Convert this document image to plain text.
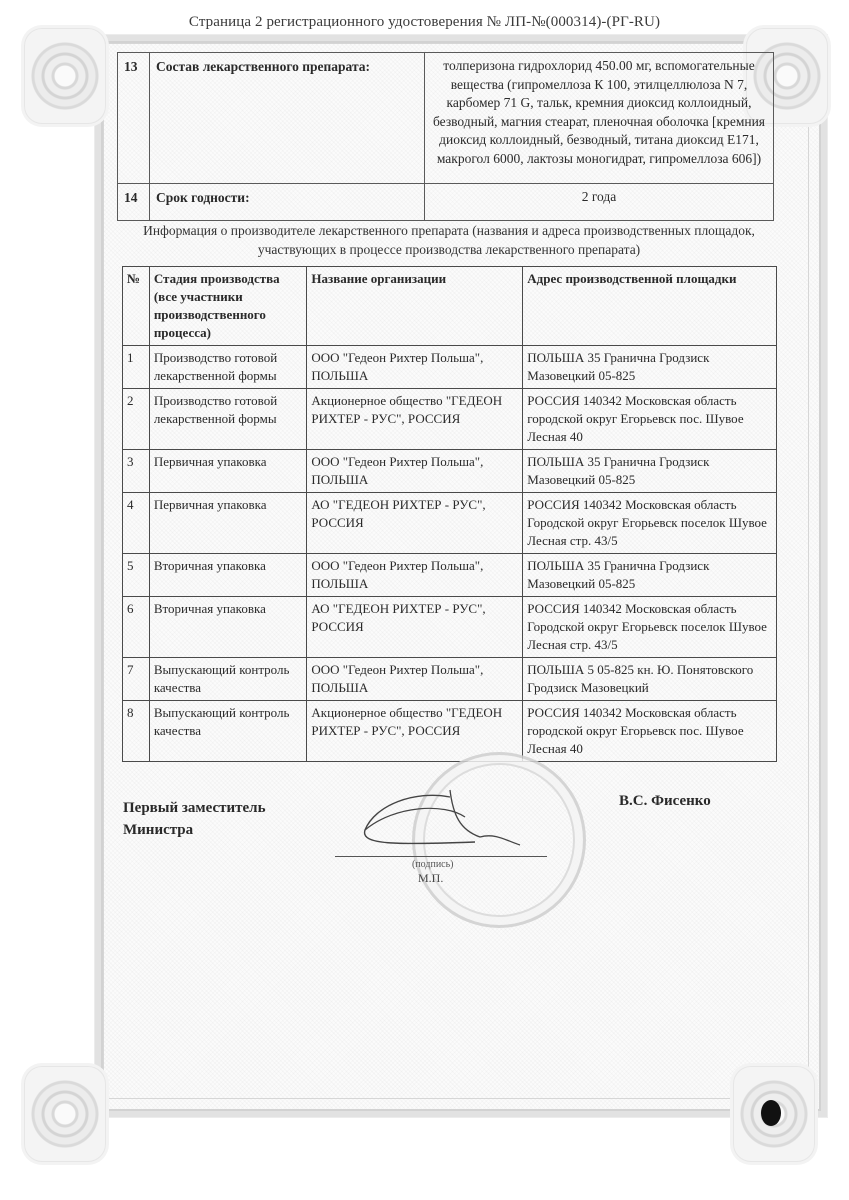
Страница 2 регистрационного удостоверения № ЛП-№(000314)-(РГ-RU)
13	Состав лекарственного препарата:	толперизона гидрохлорид 450.00 мг, вспомогательные вещества (гипромеллоза К 100, этилцеллюлоза N 7, карбомер 71 G, тальк, кремния диоксид коллоидный, безводный, магния стеарат, пленочная оболочка [кремния диоксид коллоидный, безводный, титана диоксид Е171, макрогол 6000, лактозы моногидрат, гипромеллоза 606])
14	Срок годности:	2 года
Информация о производителе лекарственного препарата (названия и адреса производственных площадок, участвующих в процессе производства лекарственного препарата)
№	Стадия производства (все участники производственного процесса)	Название организации	Адрес производственной площадки
1	Производство готовой лекарственной формы	ООО "Гедеон Рихтер Польша", ПОЛЬША	ПОЛЬША 35 Гранична Гродзиск Мазовецкий 05-825
2	Производство готовой лекарственной формы	Акционерное общество "ГЕДЕОН РИХТЕР - РУС", РОССИЯ	РОССИЯ 140342 Московская область городской округ Егорьевск пос. Шувое Лесная 40
3	Первичная упаковка	ООО "Гедеон Рихтер Польша", ПОЛЬША	ПОЛЬША 35 Гранична Гродзиск Мазовецкий 05-825
4	Первичная упаковка	АО "ГЕДЕОН РИХТЕР - РУС", РОССИЯ	РОССИЯ 140342 Московская область Городской округ Егорьевск поселок Шувое Лесная стр. 43/5
5	Вторичная упаковка	ООО "Гедеон Рихтер Польша", ПОЛЬША	ПОЛЬША 35 Гранична Гродзиск Мазовецкий 05-825
6	Вторичная упаковка	АО "ГЕДЕОН РИХТЕР - РУС", РОССИЯ	РОССИЯ 140342 Московская область Городской округ Егорьевск поселок Шувое Лесная стр. 43/5
7	Выпускающий контроль качества	ООО "Гедеон Рихтер Польша", ПОЛЬША	ПОЛЬША 5 05-825 кн. Ю. Понятовского Гродзиск Мазовецкий
8	Выпускающий контроль качества	Акционерное общество "ГЕДЕОН РИХТЕР - РУС", РОССИЯ	РОССИЯ 140342 Московская область городской округ Егорьевск пос. Шувое Лесная 40
Первый заместитель
Министра
(подпись)
М.П.
В.С. Фисенко
